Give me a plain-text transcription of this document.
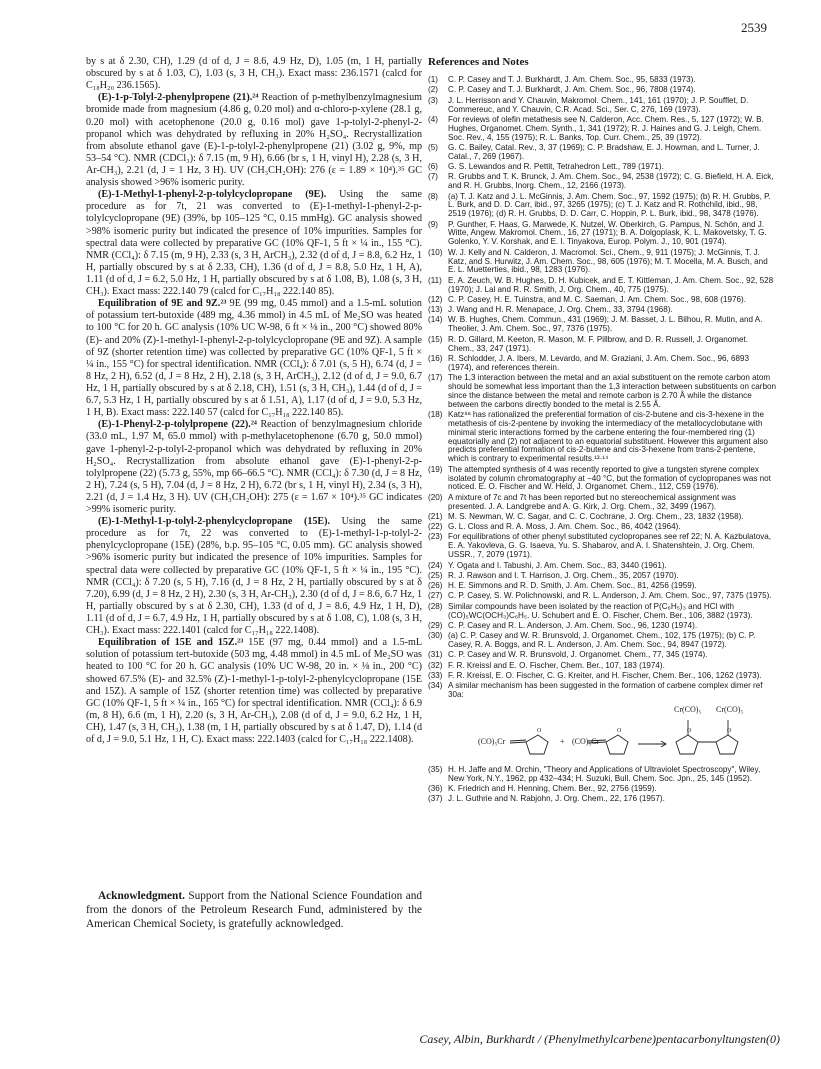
2539

by s at δ 2.30, CH), 1.29 (d of d, J = 8.6, 4.9 Hz, D), 1.05 (m, 1 H, partially obscured by s at δ 1.03, C), 1.03 (s, 3 H, CH₃). Exact mass: 236.1571 (calcd for C₁₈H₂₀ 236.1565).

(E)-1-p-Tolyl-2-phenylpropene (21).²⁴ Reaction of p-methylbenzylmagnesium bromide made from magnesium (4.86 g, 0.20 mol) and α-chloro-p-xylene (28.1 g, 0.20 mol) with acetophenone (20.0 g, 0.16 mol) gave 1-p-tolyl-2-phenyl-2-propanol which was dehydrated by refluxing in 20% H₂SO₄. Recrystallization from absolute ethanol gave (E)-1-p-tolyl-2-phenylpropene (21) (3.02 g, 9%, mp 53–54 °C). NMR (CDCl₃): δ 7.15 (m, 9 H), 6.66 (br s, 1 H, vinyl H), 2.28 (s, 3 H, Ar-CH₃), 2.21 (d, J = 1 Hz, 3 H). UV (CH₃CH₂OH): 276 (ε = 1.89 × 10⁴).³⁵ GC analysis showed >96% isomeric purity.

(E)-1-Methyl-1-phenyl-2-p-tolylcyclopropane (9E). Using the same procedure as for 7t, 21 was converted to (E)-1-methyl-1-phenyl-2-p-tolylcyclopropane (9E) (39%, bp 105–125 °C, 0.15 mmHg). GC analysis showed >98% isomeric purity but indicated the presence of 10% impurities. Samples for spectral data were collected by preparative GC (10% QF-1, 5 ft × ¼ in., 155 °C). NMR (CCl₄): δ 7.15 (m, 9 H), 2.33 (s, 3 H, ArCH₃), 2.32 (d of d, J = 8.8, 6.2 Hz, 1 H, partially obscured by s at δ 2.33, CH), 1.36 (d of d, J = 8.8, 5.0 Hz, 1 H, A), 1.11 (d of d, J = 6.2, 5.0 Hz, 1 H, partially obscured by s at δ 1.08, B), 1.08 (s, 3 H, CH₃). Exact mass: 222.140 79 (calcd for C₁₇H₁₈ 222.140 85).

Equilibration of 9E and 9Z.²³ 9E (99 mg, 0.45 mmol) and a 1.5-mL solution of potassium tert-butoxide (489 mg, 4.36 mmol) in 4.5 mL of Me₂SO was heated to 100 °C for 20 h. GC analysis (10% UC W-98, 6 ft × ⅛ in., 200 °C) showed 80% (E)- and 20% (Z)-1-methyl-1-phenyl-2-p-tolylcyclopropane (9E and 9Z). A sample of 9Z (shorter retention time) was collected by preparative GC (10% QF-1, 5 ft × ¼ in., 155 °C) for spectral identification. NMR (CCl₄): δ 7.01 (s, 5 H), 6.74 (d, J = 8 Hz, 2 H), 6.52 (d, J = 8 Hz, 2 H), 2.18 (s, 3 H, ArCH₃), 2.12 (d of d, J = 9.0, 6.7 Hz, 1 H, partially obscured by s at δ 2.18, CH), 1.51 (s, 3 H, CH₃), 1.44 (d of d, J = 6.7, 5.3 Hz, 1 H, partially obscured by s at δ 1.51, A), 1.17 (d of d, J = 9.0, 5.3 Hz, 1 H, B). Exact mass: 222.140 57 (calcd for C₁₇H₁₈ 222.140 85).

(E)-1-Phenyl-2-p-tolylpropene (22).²⁴ Reaction of benzylmagnesium chloride (33.0 mL, 1.97 M, 65.0 mmol) with p-methylacetophenone (6.70 g, 50.0 mmol) gave 1-phenyl-2-p-tolyl-2-propanol which was dehydrated by refluxing in 20% H₂SO₄. Recrystallization from absolute ethanol gave (E)-1-phenyl-2-p-tolylpropene (22) (5.73 g, 55%, mp 66–66.5 °C). NMR (CCl₄): δ 7.30 (d, J = 8 Hz, 2 H), 7.24 (s, 5 H), 7.04 (d, J = 8 Hz, 2 H), 6.72 (br s, 1 H, vinyl H), 2.34 (s, 3 H), 2.21 (d, J = 1.4 Hz, 3 H). UV (CH₃CH₂OH): 275 (ε = 1.67 × 10⁴).³⁵ GC indicates >99% isomeric purity.

(E)-1-Methyl-1-p-tolyl-2-phenylcyclopropane (15E). Using the same procedure as for 7t, 22 was converted to (E)-1-methyl-1-p-tolyl-2-phenylcyclopropane (15E) (28%, b.p. 95–105 °C, 0.05 mm). GC analysis showed >96% isomeric purity but indicated the presence of 10% impurities. Samples for spectral data were collected by preparative GC (10% QF-1, 5 ft × ¼ in., 195 °C). NMR (CCl₄): δ 7.20 (s, 5 H), 7.16 (d, J = 8 Hz, 2 H, partially obscured by s at δ 7.20), 6.99 (d, J = 8 Hz, 2 H), 2.30 (s, 3 H, Ar-CH₃), 2.30 (d of d, J = 8.6, 6.7 Hz, 1 H, partially obscured by s at δ 2.30, CH), 1.33 (d of d, J = 8.6, 4.9 Hz, 1 H, D), 1.11 (d of d, J = 6.7, 4.9 Hz, 1 H, partially obscured by s at δ 1.08, C), 1.08 (s, 3 H, CH₃). Exact mass: 222.1401 (calcd for C₁₇H₁₈ 222.1408).

Equilibration of 15E and 15Z.²³ 15E (97 mg, 0.44 mmol) and a 1.5-mL solution of potassium tert-butoxide (503 mg, 4.48 mmol) in 4.5 mL of Me₂SO was heated to 100 °C for 20 h. GC analysis (10% UC W-98, 20 in. × ⅛ in., 200 °C) showed 67.5% (E)- and 32.5% (Z)-1-methyl-1-p-tolyl-2-phenylcyclopropane (15E and 15Z). A sample of 15Z (shorter retention time) was collected by preparative GC (10% QF-1, 5 ft × ¼ in., 165 °C) for spectral identification. NMR (CCl₄): δ 6.9 (m, 8 H), 6.6 (m, 1 H), 2.20 (s, 3 H, Ar-CH₃), 2.08 (d of d, J = 9.0, 6.2 Hz, 1 H, CH), 1.47 (s, 3 H, CH₃), 1.38 (m, 1 H, partially obscured by s at δ 1.47, D), 1.14 (d of d, J = 9.0, 5.1 Hz, 1 H, C). Exact mass: 222.1403 (calcd for C₁₇H₁₈ 222.1408).

Acknowledgment. Support from the National Science Foundation and from the donors of the Petroleum Research Fund, administered by the American Chemical Society, is gratefully acknowledged.
References and Notes
(1)	C. P. Casey and T. J. Burkhardt, J. Am. Chem. Soc., 95, 5833 (1973).
(2)	C. P. Casey and T. J. Burkhardt, J. Am. Chem. Soc., 96, 7808 (1974).
(3)	J. L. Herrisson and Y. Chauvin, Makromol. Chem., 141, 161 (1970); J. P. Soufflet, D. Commereuc, and Y. Chauvin, C.R. Acad. Sci., Ser. C, 276, 169 (1973).
(4)	For reviews of olefin metathesis see N. Calderon, Acc. Chem. Res., 5, 127 (1972); W. B. Hughes, Organomet. Chem. Synth., 1, 341 (1972); R. J. Haines and G. J. Leigh, Chem. Soc. Rev., 4, 155 (1975); R. L. Banks, Top. Curr. Chem., 25, 39 (1972).
(5)	G. C. Bailey, Catal. Rev., 3, 37 (1969); C. P. Bradshaw, E. J. Howman, and L. Turner, J. Catal., 7, 269 (1967).
(6)	G. S. Lewandos and R. Pettit, Tetrahedron Lett., 789 (1971).
(7)	R. Grubbs and T. K. Brunck, J. Am. Chem. Soc., 94, 2538 (1972); C. G. Biefield, H. A. Eick, and R. H. Grubbs, Inorg. Chem., 12, 2166 (1973).
(8)	(a) T. J. Katz and J. L. McGinnis, J. Am. Chem. Soc., 97, 1592 (1975); (b) R. H. Grubbs, P. L. Burk, and D. D. Carr, ibid., 97, 3265 (1975); (c) T. J. Katz and R. Rothchild, ibid., 98, 2519 (1976); (d) R. H. Grubbs, D. D. Carr, C. Hoppin, P. L. Burk, ibid., 98, 3478 (1976).
(9)	P. Gunther, F. Haas, G. Marwede, K. Nutzel, W. Oberkirch, G. Pampus, N. Schön, and J. Witte, Angew. Makromol. Chem., 16, 27 (1971); B. A. Dolgoplask, K. L. Makovetsky, T. G. Golenko, Y. V. Korshak, and E. I. Tinyakova, Europ. Polym. J., 10, 901 (1974).
(10) W. J. Kelly and N. Calderon, J. Macromol. Sci., Chem., 9, 911 (1975); J. McGinnis, T. J. Katz, and S. Hurwitz, J. Am. Chem. Soc., 98, 605 (1976); M. T. Mocella, M. A. Busch, and E. L. Muetterties, ibid., 98, 1283 (1976).
(11) E. A. Zeuch, W. B. Hughes, D. H. Kubicek, and E. T. Kittleman, J. Am. Chem. Soc., 92, 528 (1970); J. Lal and R. R. Smith, J. Org. Chem., 40, 775 (1975).
(12) C. P. Casey, H. E. Tuinstra, and M. C. Saeman, J. Am. Chem. Soc., 98, 608 (1976).
(13) J. Wang and H. R. Menapace, J. Org. Chem., 33, 3794 (1968).
(14) W. B. Hughes, Chem. Commun., 431 (1969); J. M. Basset, J. L. Bilhou, R. Mutin, and A. Theolier, J. Am. Chem. Soc., 97, 7376 (1975).
(15) R. D. Gillard, M. Keeton, R. Mason, M. F. Pillbrow, and D. R. Russell, J. Organomet. Chem., 33, 247 (1971).
(16) R. Schlodder, J. A. Ibers, M. Levardo, and M. Graziani, J. Am. Chem. Soc., 96, 6893 (1974), and references therein.
(17) The 1,3 interaction between the metal and an axial substituent on the remote carbon atom should be somewhat less important than the 1,3 interaction between substituents on carbon since the distance between the metal and remote carbon is 2.70 Å while the distance between the carbons directly bonded to the metal is 2.55 Å.
(18) Katz⁸ᵃ has rationalized the preferential formation of cis-2-butene and cis-3-hexene in the metathesis of cis-2-pentene by invoking the intermediacy of the metallocyclobutane with minimal steric interactions formed by the carbene entering the four-membered ring (1) equatorially and (2) not adjacent to an equatorial substituent. However this argument also predicts preferential formation of cis-2-butene and cis-3-hexene from trans-2-pentene, which is contrary to experimental results.¹³·¹⁴
(19) The attempted synthesis of 4 was recently reported to give a tungsten styrene complex isolated by column chromatography at −40 °C, but the formation of cyclopropanes was not noticed. E. O. Fischer and W. Held, J. Organomet. Chem., 112, C59 (1976).
(20) A mixture of 7c and 7t has been reported but no stereochemical assignment was presented. J. A. Landgrebe and A. G. Kirk, J. Org. Chem., 32, 3499 (1967).
(21) M. S. Newman, W. C. Sagar, and C. C. Cochrane, J. Org. Chem., 23, 1832 (1958).
(22) G. L. Closs and R. A. Moss, J. Am. Chem. Soc., 86, 4042 (1964).
(23) For equilibrations of other phenyl substituted cyclopropanes see ref 22; N. A. Kazbulatova, E. A. Yakovleva, G. G. Isaeva, Yu. S. Shabarov, and A. I. Shatenshtein, J. Org. Chem. USSR., 7, 2079 (1971).
(24) Y. Ogata and I. Tabushi, J. Am. Chem. Soc., 83, 3440 (1961).
(25) R. J. Rawson and I. T. Harrison, J. Org. Chem., 35, 2057 (1970).
(26) H. E. Simmons and R. D. Smith, J. Am. Chem. Soc., 81, 4256 (1959).
(27) C. P. Casey, S. W. Polichnowski, and R. L. Anderson, J. Am. Chem. Soc., 97, 7375 (1975).
(28) Similar compounds have been isolated by the reaction of P(C₆H₅)₃ and HCl with (CO)₅WC(OCH₃)C₆H₅. U. Schubert and E. O. Fischer, Chem. Ber., 106, 3882 (1973).
(29) C. P. Casey and R. L. Anderson, J. Am. Chem. Soc., 96, 1230 (1974).
(30) (a) C. P. Casey and W. R. Brunsvold, J. Organomet. Chem., 102, 175 (1975); (b) C. P. Casey, R. A. Boggs, and R. L. Anderson, J. Am. Chem. Soc., 94, 8947 (1972).
(31) C. P. Casey and W. R. Brunsvold, J. Organomet. Chem., 77, 345 (1974).
(32) F. R. Kreissl and E. O. Fischer, Chem. Ber., 107, 183 (1974).
(33) F. R. Kreissl, E. O. Fischer, C. G. Kreiter, and H. Fischer, Chem. Ber., 106, 1262 (1973).
(34) A similar mechanism has been suggested in the formation of carbene complex dimer ref 30a:
O	O	O	O
(CO)₅Cr	+ (CO)₅Cr
Cr(CO)₅ Cr(CO)₅
(35) H. H. Jaffe and M. Orchin, "Theory and Applications of Ultraviolet Spectroscopy", Wiley, New York, N.Y., 1962, pp 432–434; H. Suzuki, Bull. Chem. Soc. Jpn., 25, 145 (1952).
(36) K. Friedrich and H. Henning, Chem. Ber., 92, 2756 (1959).
(37) J. L. Guthrie and N. Rabjohn, J. Org. Chem., 22, 176 (1957).
Casey, Albin, Burkhardt / (Phenylmethylcarbene)pentacarbonyltungsten(0)
